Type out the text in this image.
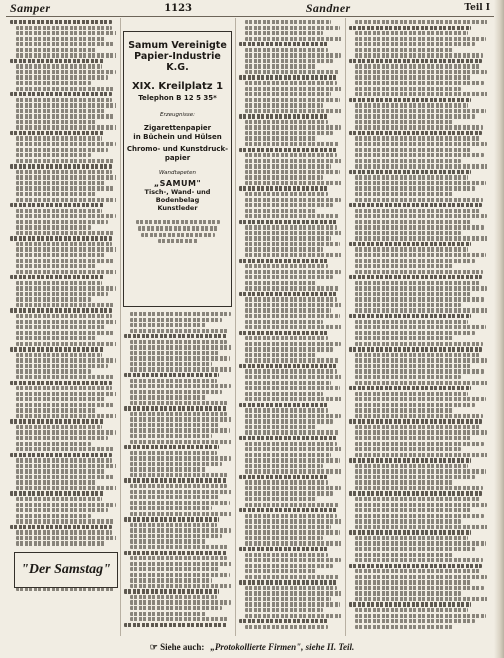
Samper	1123	Sandner	Teil I
Samum Vereinigte
Papier-Industrie K.G.
XIX. Kreilplatz 1
Telephon B 12 5 35*
Erzeugnisse:
Zigarettenpapier
in Büchein und Hülsen
Chromo- und Kunstdruck-
papier
Wandtapeten
„SAMUM"
Tisch-, Wand- und
Bodenbelag
Kunstleder
"Der Samstag"
☞ Siehe auch: „Protokollierte Firmen", siehe II. Teil.
